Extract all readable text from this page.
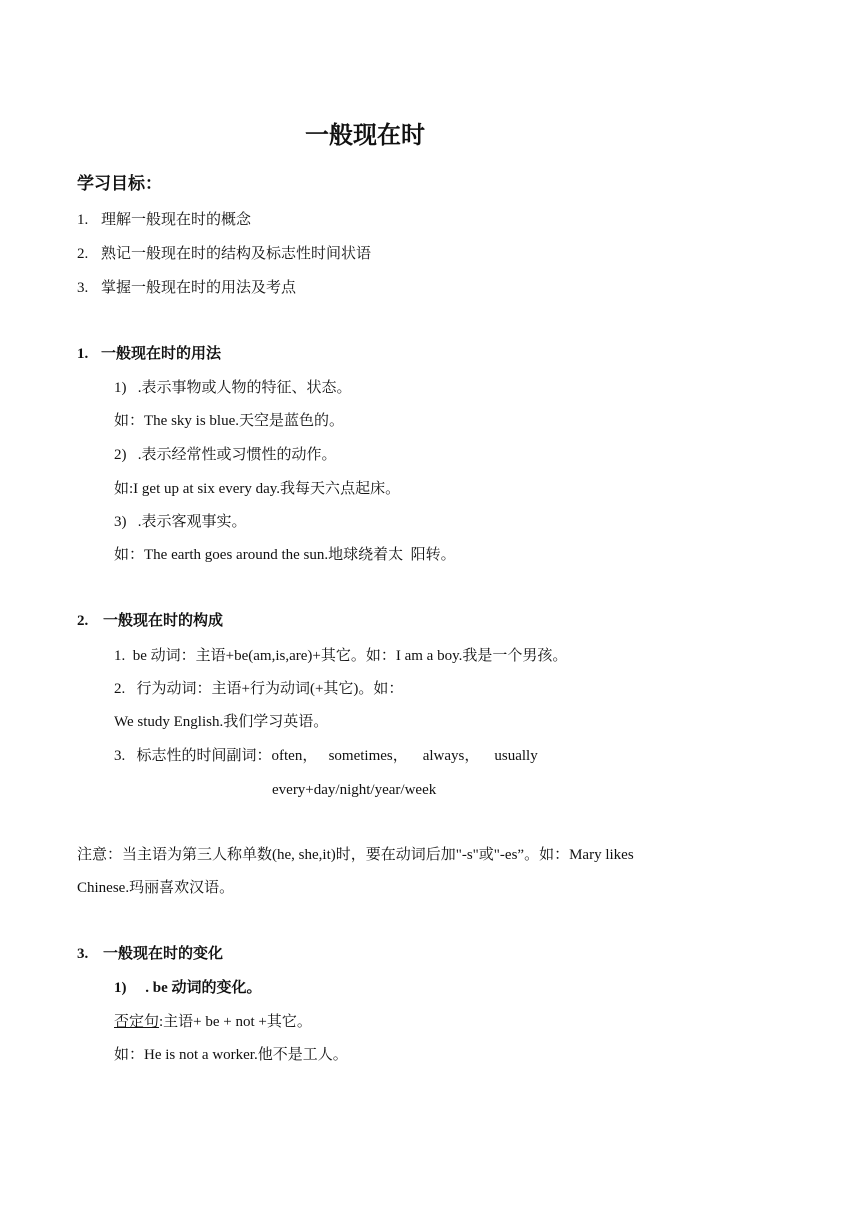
一般现在时
学习目标：
1. 理解一般现在时的概念
2. 熟记一般现在时的结构及标志性时间状语
3. 掌握一般现在时的用法及考点
1. 一般现在时的用法
1)   .表示事物或人物的特征、状态。
如：The sky is blue.天空是蓝色的。
2)   .表示经常性或习惯性的动作。
如:I get up at six every day.我每天六点起床。
3)   .表示客观事实。
如：The earth goes around the sun.地球绕着太  阳转。
2. 一般现在时的构成
1.  be 动词：主语+be(am,is,are)+其它。如：I am a boy.我是一个男孩。
2.   行为动词：主语+行为动词(+其它)。如：
We study English.我们学习英语。
3.   标志性的时间副词：often，   sometimes，    always，    usually
every+day/night/year/week
注意：当主语为第三人称单数(he, she,it)时，要在动词后加"-s"或"-es”。如：Mary likes
Chinese.玛丽喜欢汉语。
3. 一般现在时的变化
1)     . be 动词的变化。
否定句:主语+ be + not +其它。
如：He is not a worker.他不是工人。
